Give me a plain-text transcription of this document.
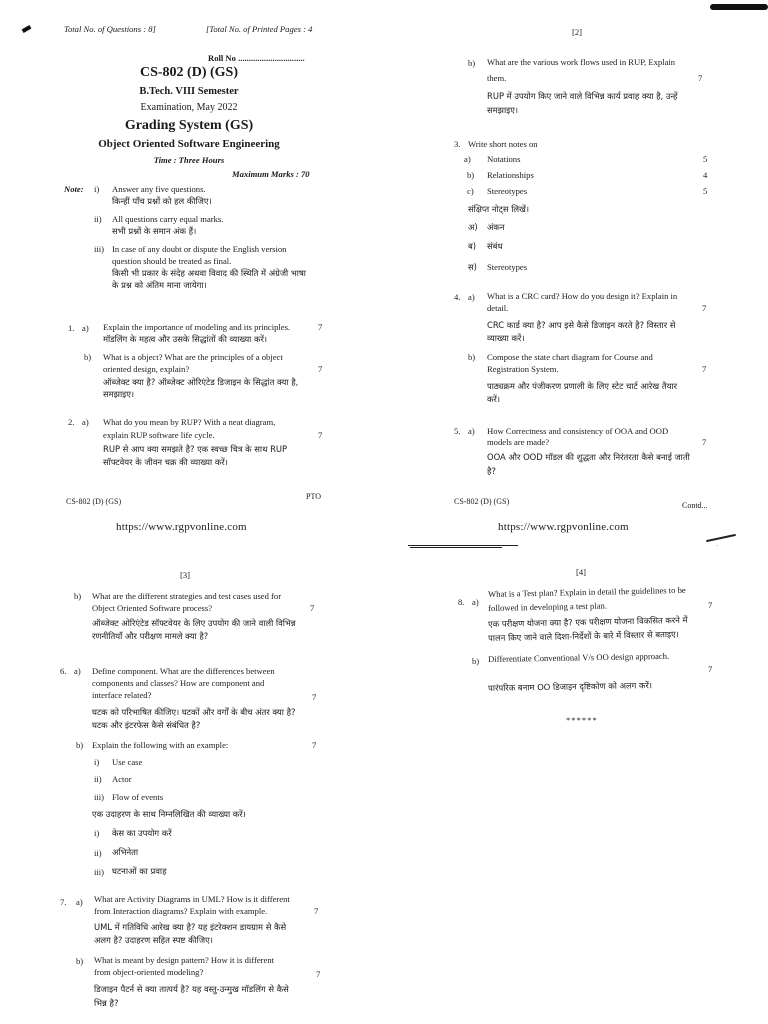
Total No. of Questions : 8]	[Total No. of Printed Pages : 4
Roll No ...............................
CS-802 (D) (GS)
B.Tech. VIII Semester
Examination, May 2022
Grading System (GS)
Object Oriented Software Engineering
Time : Three Hours
Maximum Marks : 70
Note: i) Answer any five questions.
किन्हीं पाँच प्रश्नों को हल कीजिए।
ii) All questions carry equal marks.
सभी प्रश्नों के समान अंक हैं।
iii) In case of any doubt or dispute the English version
question should be treated as final.
किसी भी प्रकार के संदेह अथवा विवाद की स्थिति में अंग्रेजी भाषा
के प्रश्न को अंतिम माना जायेगा।
1. a) Explain the importance of modeling and its principles.	7
मॉडलिंग के महत्व और उसके सिद्धांतों की व्याख्या करें।
b) What is a object? What are the principles of a object
oriented design, explain?	7
ऑब्जेक्ट क्या है? ऑब्जेक्ट ओरिएंटेड डिजाइन के सिद्धांत क्या है,
समझाइए।
2. a) What do you mean by RUP? With a neat diagram,
explain RUP software life cycle.	7
RUP से आप क्या समझते है? एक स्वच्छ चित्र के साथ RUP
सॉफ्टवेयर के जीवन चक्र की व्याख्या करें।
CS-802 (D) (GS)
PTO
https://www.rgpvonline.com
[2]
b) What are the various work flows used in RUP, Explain
them.	7
RUP में उपयोग किए जाने वाले विभिन्न कार्य प्रवाह क्या है, उन्हें
समझाइए।
3. Write short notes on
a) Notations	5
b) Relationships	4
c) Stereotypes	5
संक्षिप्त नोट्स लिखें।
अ) अंकन
ब) संबंध
स) Stereotypes
4. a) What is a CRC card? How do you design it? Explain in
detail.	7
CRC कार्ड क्या है? आप इसे कैसे डिजाइन करते है? विस्तार से
व्याख्या करें।
b) Compose the state chart diagram for Course and
Registration System.	7
पाठ्यक्रम और पंजीकरण प्रणाली के लिए स्टेट चार्ट आरेख तैयार
करें।
5. a) How Correctness and consistency of OOA and OOD
models are made?	7
OOA और OOD मॉडल की शुद्धता और निरंतरता कैसे बनाई जाती
है?
CS-802 (D) (GS)	Contd...
https://www.rgpvonline.com
[3]
b) What are the different strategies and test cases used for
Object Oriented Software process?	7
ऑब्जेक्ट ओरिएंटेड सॉफ्टवेयर के लिए उपयोग की जाने वाली विभिन्न
रणनीतियाँ और परीक्षण मामले क्या है?
6. a) Define component. What are the differences between
components and classes? How are component and
interface related?	7
घटक को परिभाषित कीजिए। घटकों और वर्गों के बीच अंतर क्या है?
घटक और इंटरफेस कैसे संबंधित है?
b) Explain the following with an example:	7
i) Use case
ii) Actor
iii) Flow of events
एक उदाहरण के साथ निम्नलिखित की व्याख्या करें।
i) केस का उपयोग करें
ii) अभिनेता
iii) घटनाओं का प्रवाह
7. a) What are Activity Diagrams in UML? How is it different
from Interaction diagrams? Explain with example.	7
UML में गतिविधि आरेख क्या है? यह इंटरेक्शन डायग्राम से कैसे
अलग है? उदाहरण सहित स्पष्ट कीजिए।
b) What is meant by design pattern? How it is different
from object-oriented modeling?	7
डिजाइन पैटर्न से क्या तात्पर्य है? यह वस्तु-उन्मुख मॉडलिंग से कैसे
भिन्न है?
[4]
8. a)
What is a Test plan? Explain in detail the guidelines to be
followed in developing a test plan.	7
एक परीक्षण योजना क्या है? एक परीक्षण योजना विकसित करने में
पालन किए जाने वाले दिशा-निर्देशों के बारे में विस्तार से बताइए।
b) Differentiate Conventional V/s OO design approach.
7
पारंपरिक बनाम OO डिजाइन दृष्टिकोण को अलग करें।
******
